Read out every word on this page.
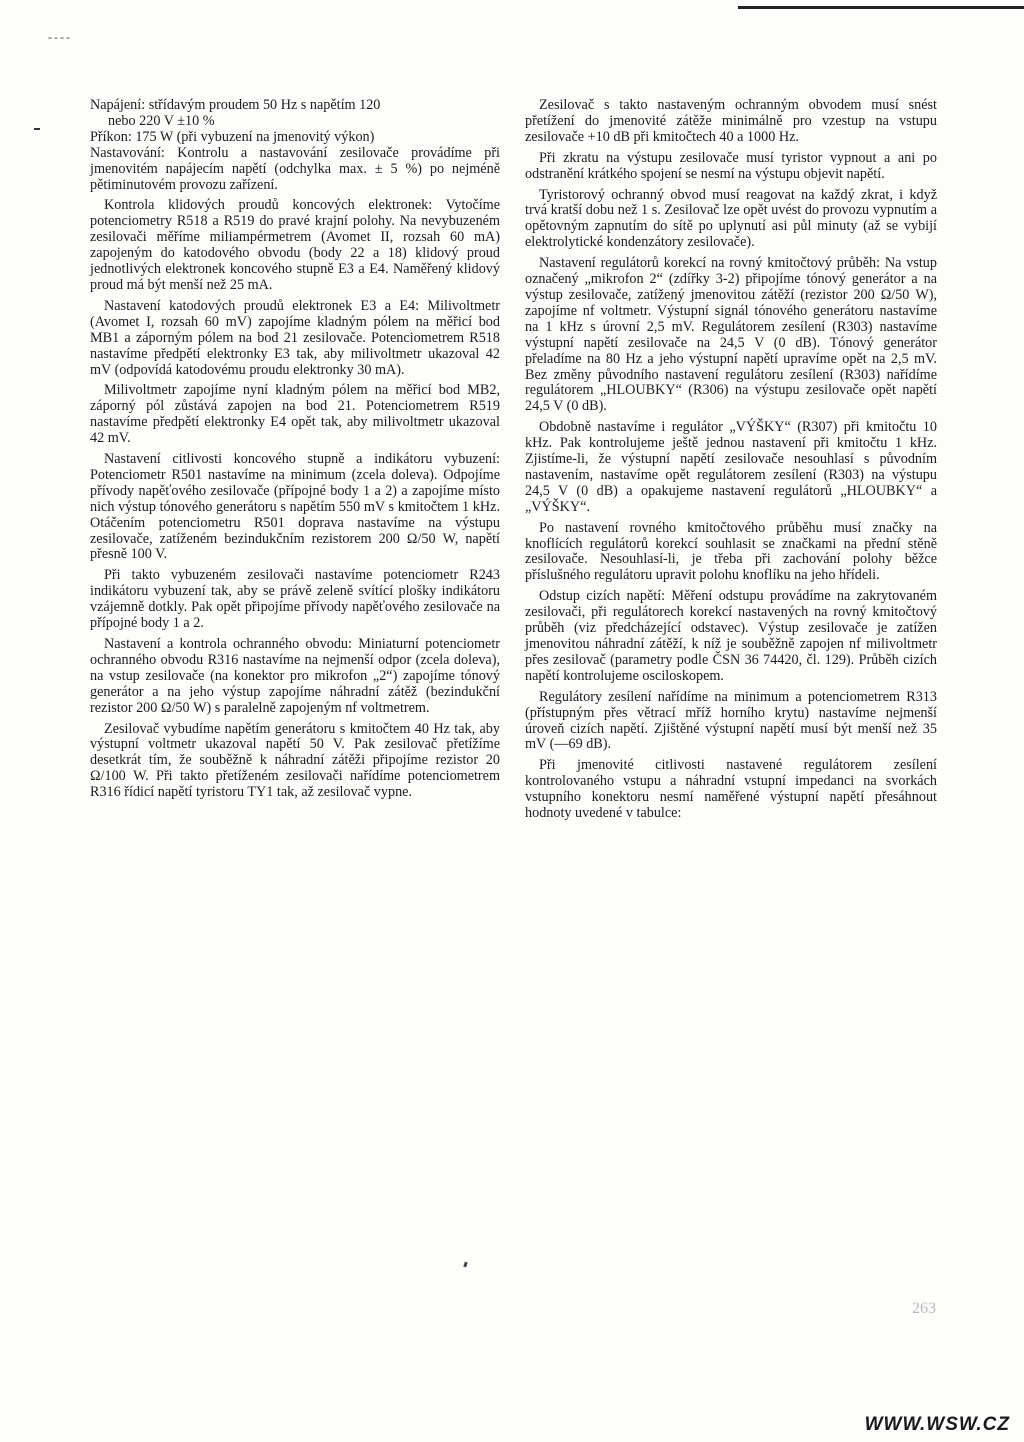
----

Napájení: střídavým proudem 50 Hz s napětím 120

nebo 220 V ±10 %

Příkon: 175 W (při vybuzení na jmenovitý výkon)

Nastavování: Kontrolu a nastavování zesilovače provádíme při jmenovitém napájecím napětí (odchylka max. ± 5 %) po nejméně pětiminutovém provozu zařízení.

Kontrola klidových proudů koncových elektronek: Vytočíme potenciometry R518 a R519 do pravé krajní polohy. Na nevybuzeném zesilovači měříme miliampérmetrem (Avomet II, rozsah 60 mA) zapojeným do katodového obvodu (body 22 a 18) klidový proud jednotlivých elektronek koncového stupně E3 a E4. Naměřený klidový proud má být menší než 25 mA.

Nastavení katodových proudů elektronek E3 a E4: Milivoltmetr (Avomet I, rozsah 60 mV) zapojíme kladným pólem na měřicí bod MB1 a záporným pólem na bod 21 zesilovače. Potenciometrem R518 nastavíme předpětí elektronky E3 tak, aby milivoltmetr ukazoval 42 mV (odpovídá katodovému proudu elektronky 30 mA).

Milivoltmetr zapojíme nyní kladným pólem na měřicí bod MB2, záporný pól zůstává zapojen na bod 21. Potenciometrem R519 nastavíme předpětí elektronky E4 opět tak, aby milivoltmetr ukazoval 42 mV.

Nastavení citlivosti koncového stupně a indikátoru vybuzení: Potenciometr R501 nastavíme na minimum (zcela doleva). Odpojíme přívody napěťového zesilovače (přípojné body 1 a 2) a zapojíme místo nich výstup tónového generátoru s napětím 550 mV s kmitočtem 1 kHz. Otáčením potenciometru R501 doprava nastavíme na výstupu zesilovače, zatíženém bezindukčním rezistorem 200 Ω/50 W, napětí přesně 100 V.

Při takto vybuzeném zesilovači nastavíme potenciometr R243 indikátoru vybuzení tak, aby se právě zeleně svítící plošky indikátoru vzájemně dotkly. Pak opět připojíme přívody napěťového zesilovače na přípojné body 1 a 2.

Nastavení a kontrola ochranného obvodu: Miniaturní potenciometr ochranného obvodu R316 nastavíme na nejmenší odpor (zcela doleva), na vstup zesilovače (na konektor pro mikrofon „2“) zapojíme tónový generátor a na jeho výstup zapojíme náhradní zátěž (bezindukční rezistor 200 Ω/50 W) s paralelně zapojeným nf voltmetrem.

Zesilovač vybudíme napětím generátoru s kmitočtem 40 Hz tak, aby výstupní voltmetr ukazoval napětí 50 V. Pak zesilovač přetížíme desetkrát tím, že souběžně k náhradní zátěži připojíme rezistor 20 Ω/100 W. Při takto přetíženém zesilovači nařídíme potenciometrem R316 řídicí napětí tyristoru TY1 tak, až zesilovač vypne.

Zesilovač s takto nastaveným ochranným obvodem musí snést přetížení do jmenovité zátěže minimálně pro vzestup na vstupu zesilovače +10 dB při kmitočtech 40 a 1000 Hz.

Při zkratu na výstupu zesilovače musí tyristor vypnout a ani po odstranění krátkého spojení se nesmí na výstupu objevit napětí.

Tyristorový ochranný obvod musí reagovat na každý zkrat, i když trvá kratší dobu než 1 s. Zesilovač lze opět uvést do provozu vypnutím a opětovným zapnutím do sítě po uplynutí asi půl minuty (až se vybijí elektrolytické kondenzátory zesilovače).

Nastavení regulátorů korekcí na rovný kmitočtový průběh: Na vstup označený „mikrofon 2“ (zdířky 3-2) připojíme tónový generátor a na výstup zesilovače, zatížený jmenovitou zátěží (rezistor 200 Ω/50 W), zapojíme nf voltmetr. Výstupní signál tónového generátoru nastavíme na 1 kHz s úrovní 2,5 mV. Regulátorem zesílení (R303) nastavíme výstupní napětí zesilovače na 24,5 V (0 dB). Tónový generátor přeladíme na 80 Hz a jeho výstupní napětí upravíme opět na 2,5 mV. Bez změny původního nastavení regulátoru zesílení (R303) nařídíme regulátorem „HLOUBKY“ (R306) na výstupu zesilovače opět napětí 24,5 V (0 dB).

Obdobně nastavíme i regulátor „VÝŠKY“ (R307) při kmitočtu 10 kHz. Pak kontrolujeme ještě jednou nastavení při kmitočtu 1 kHz. Zjistíme-li, že výstupní napětí zesilovače nesouhlasí s původním nastavením, nastavíme opět regulátorem zesílení (R303) na výstupu 24,5 V (0 dB) a opakujeme nastavení regulátorů „HLOUBKY“ a „VÝŠKY“.

Po nastavení rovného kmitočtového průběhu musí značky na knoflících regulátorů korekcí souhlasit se značkami na přední stěně zesilovače. Nesouhlasí-li, je třeba při zachování polohy běžce příslušného regulátoru upravit polohu knoflíku na jeho hřídeli.

Odstup cizích napětí: Měření odstupu provádíme na zakrytovaném zesilovači, při regulátorech korekcí nastavených na rovný kmitočtový průběh (viz předcházející odstavec). Výstup zesilovače je zatížen jmenovitou náhradní zátěží, k níž je souběžně zapojen nf milivoltmetr přes zesilovač (parametry podle ČSN 36 74420, čl. 129). Průběh cizích napětí kontrolujeme osciloskopem.

Regulátory zesílení nařídíme na minimum a potenciometrem R313 (přístupným přes větrací mříž horního krytu) nastavíme nejmenší úroveň cizích napětí. Zjištěné výstupní napětí musí být menší než 35 mV (—69 dB).

Při jmenovité citlivosti nastavené regulátorem zesílení kontrolovaného vstupu a náhradní vstupní impedanci na svorkách vstupního konektoru nesmí naměřené výstupní napětí přesáhnout hodnoty uvedené v tabulce:

263
WWW.WSW.CZ
